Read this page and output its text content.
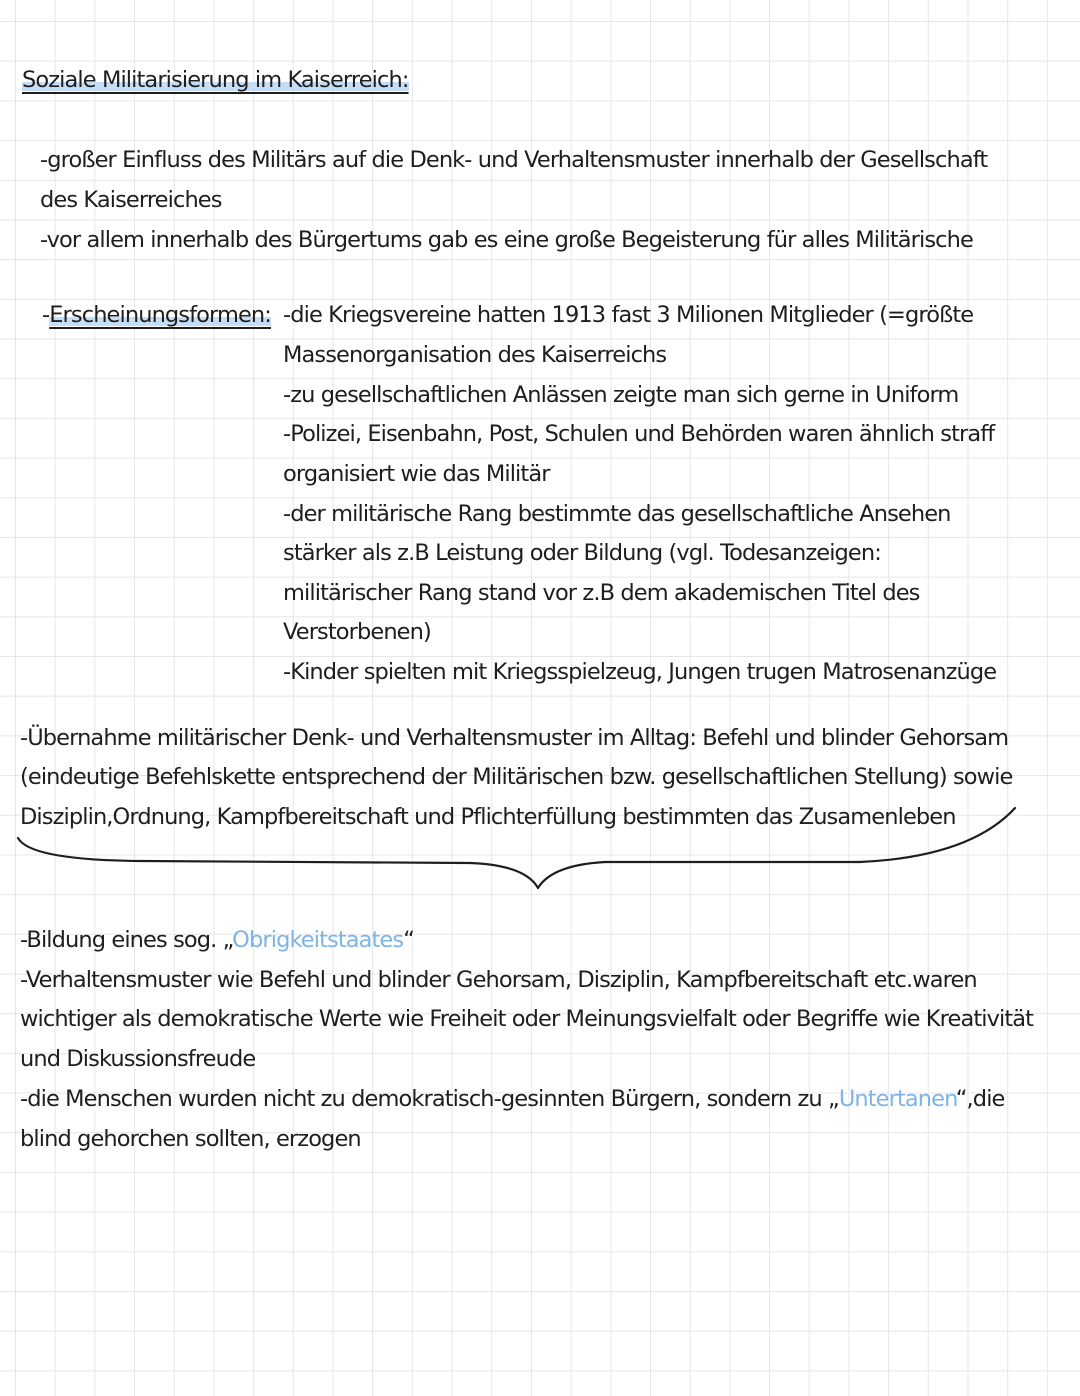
Soziale Militarisierung im Kaiserreich:
-großer Einfluss des Militärs auf die Denk- und Verhaltensmuster innerhalb der Gesellschaft
des Kaiserreiches
-vor allem innerhalb des Bürgertums gab es eine große Begeisterung für alles Militärische
-Erscheinungsformen: -die Kriegsvereine hatten 1913 fast 3 Milionen Mitglieder (=größte
Massenorganisation des Kaiserreichs
-zu gesellschaftlichen Anlässen zeigte man sich gerne in Uniform
-Polizei, Eisenbahn, Post, Schulen und Behörden waren ähnlich straff
organisiert wie das Militär
-der militärische Rang bestimmte das gesellschaftliche Ansehen
stärker als z.B Leistung oder Bildung (vgl. Todesanzeigen:
militärischer Rang stand vor z.B dem akademischen Titel des
Verstorbenen)
-Kinder spielten mit Kriegsspielzeug, Jungen trugen Matrosenanzüge
-Übernahme militärischer Denk- und Verhaltensmuster im Alltag: Befehl und blinder Gehorsam
(eindeutige Befehlskette entsprechend der Militärischen bzw. gesellschaftlichen Stellung) sowie
Disziplin,Ordnung, Kampfbereitschaft und Pflichterfüllung bestimmten das Zusamenleben
-Bildung eines sog. „Obrigkeitstaates“
-Verhaltensmuster wie Befehl und blinder Gehorsam, Disziplin, Kampfbereitschaft etc.waren
wichtiger als demokratische Werte wie Freiheit oder Meinungsvielfalt oder Begriffe wie Kreativität
und Diskussionsfreude
-die Menschen wurden nicht zu demokratisch-gesinnten Bürgern, sondern zu „Untertanen“,die
blind gehorchen sollten, erzogen
